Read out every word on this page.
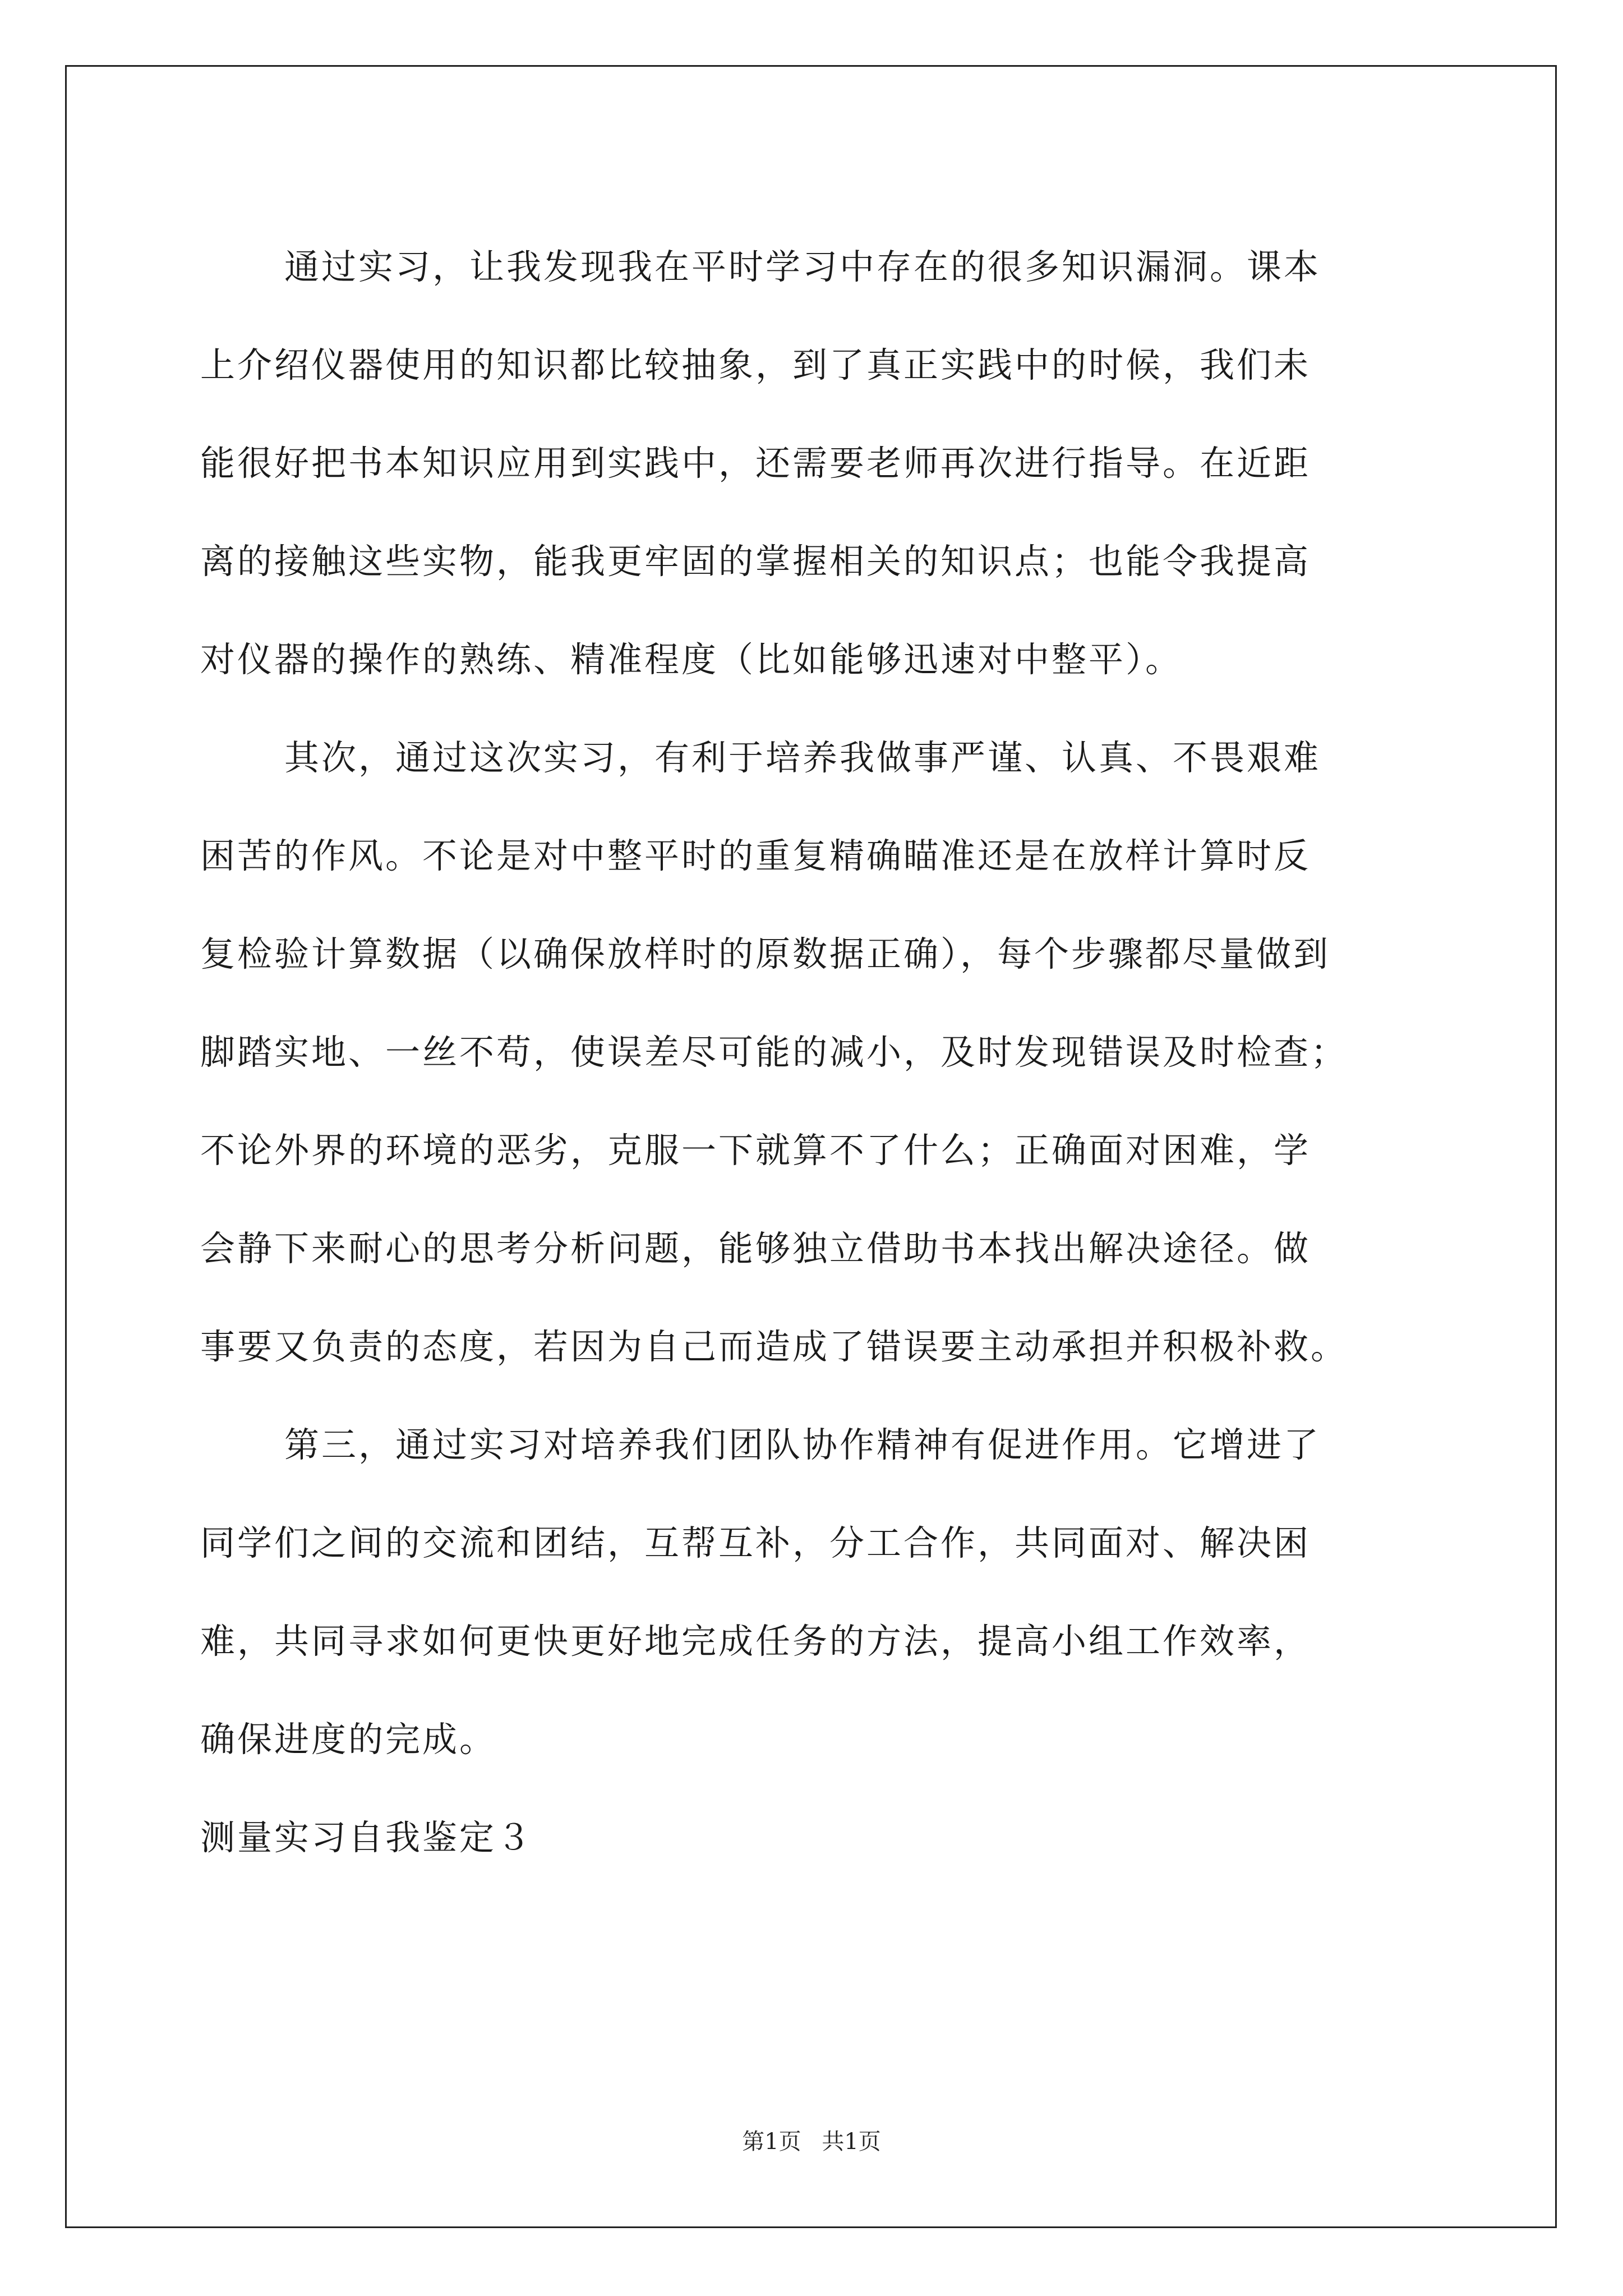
通过实习，让我发现我在平时学习中存在的很多知识漏洞。课本

上介绍仪器使用的知识都比较抽象，到了真正实践中的时候，我们未

能很好把书本知识应用到实践中，还需要老师再次进行指导。在近距

离的接触这些实物，能我更牢固的掌握相关的知识点；也能令我提高

对仪器的操作的熟练、精准程度（比如能够迅速对中整平）。

其次，通过这次实习，有利于培养我做事严谨、认真、不畏艰难

困苦的作风。不论是对中整平时的重复精确瞄准还是在放样计算时反

复检验计算数据（以确保放样时的原数据正确），每个步骤都尽量做到

脚踏实地、一丝不苟，使误差尽可能的减小，及时发现错误及时检查；

不论外界的环境的恶劣，克服一下就算不了什么；正确面对困难，学

会静下来耐心的思考分析问题，能够独立借助书本找出解决途径。做

事要又负责的态度，若因为自己而造成了错误要主动承担并积极补救。

第三，通过实习对培养我们团队协作精神有促进作用。它增进了

同学们之间的交流和团结，互帮互补，分工合作，共同面对、解决困

难，共同寻求如何更快更好地完成任务的方法，提高小组工作效率，

确保进度的完成。

测量实习自我鉴定３

第1页 共1页
